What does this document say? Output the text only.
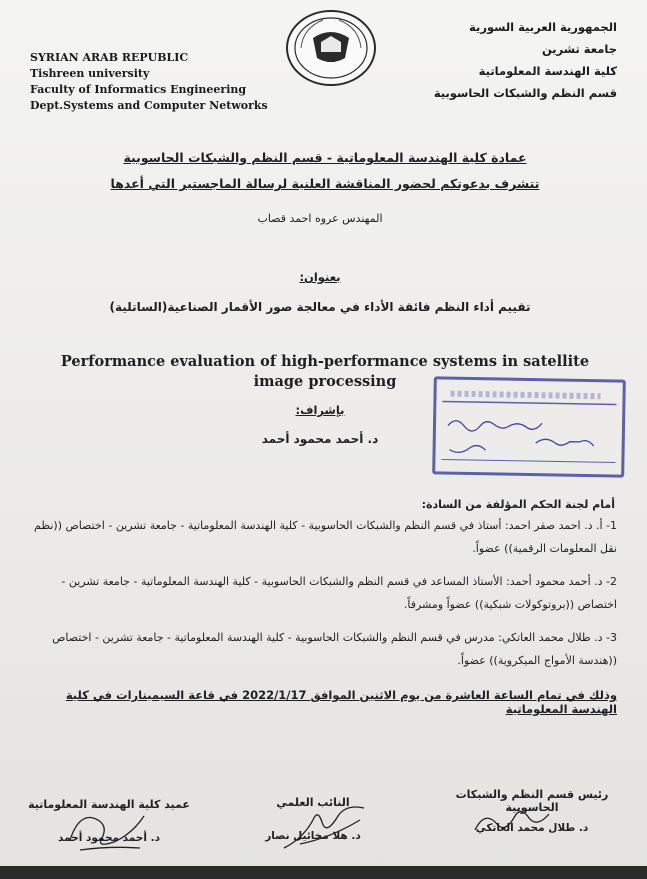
SYRIAN ARAB REPUBLIC
Tishreen university
Faculty of Informatics Engineering
Dept.Systems and Computer Networks
الجمهورية العربية السورية
جامعة تشرين
كلية الهندسة المعلوماتية
قسم النظم والشبكات الحاسوبية
عمادة كلية الهندسة المعلوماتية - قسم النظم والشبكات الحاسوبية
تتشرف بدعوتكم لحضور المناقشة العلنية لرسالة الماجستير التي أعدها
المهندس عروه احمد قصاب
بعنوان:
تقييم أداء النظم فائقة الأداء في معالجة صور الأقمار الصناعية(الساتلية)
Performance evaluation of high-performance systems in satellite image processing
بإشراف:
د. أحمد محمود أحمد
أمام لجنة الحكم المؤلفة من السادة:
1- أ. د. احمد صقر احمد: أستاذ في قسم النظم والشبكات الحاسوبية - كلية الهندسة المعلوماتية - جامعة تشرين - اختصاص ((نظم نقل المعلومات الرقمية)) عضواً.
2- د. أحمد محمود أحمد: الأستاذ المساعد في قسم النظم والشبكات الحاسوبية - كلية الهندسة المعلوماتية - جامعة تشرين - اختصاص ((بروتوكولات شبكية)) عضواً ومشرفاً.
3- د. طلال محمد العاتكي: مدرس في قسم النظم والشبكات الحاسوبية - كلية الهندسة المعلوماتية - جامعة تشرين - اختصاص ((هندسة الأمواج الميكروية)) عضواً.
وذلك في تمام الساعة العاشرة من يوم الاثنين الموافق 2022/1/17 في قاعة السيمينارات في كلية الهندسة المعلوماتية
رئيس قسم النظم والشبكات الحاسوبية
د. طلال محمد العاتكي
النائب العلمي
د. هلا مخائيل نصار
عميد كلية الهندسة المعلوماتية
د. أحمد محمود أحمد
